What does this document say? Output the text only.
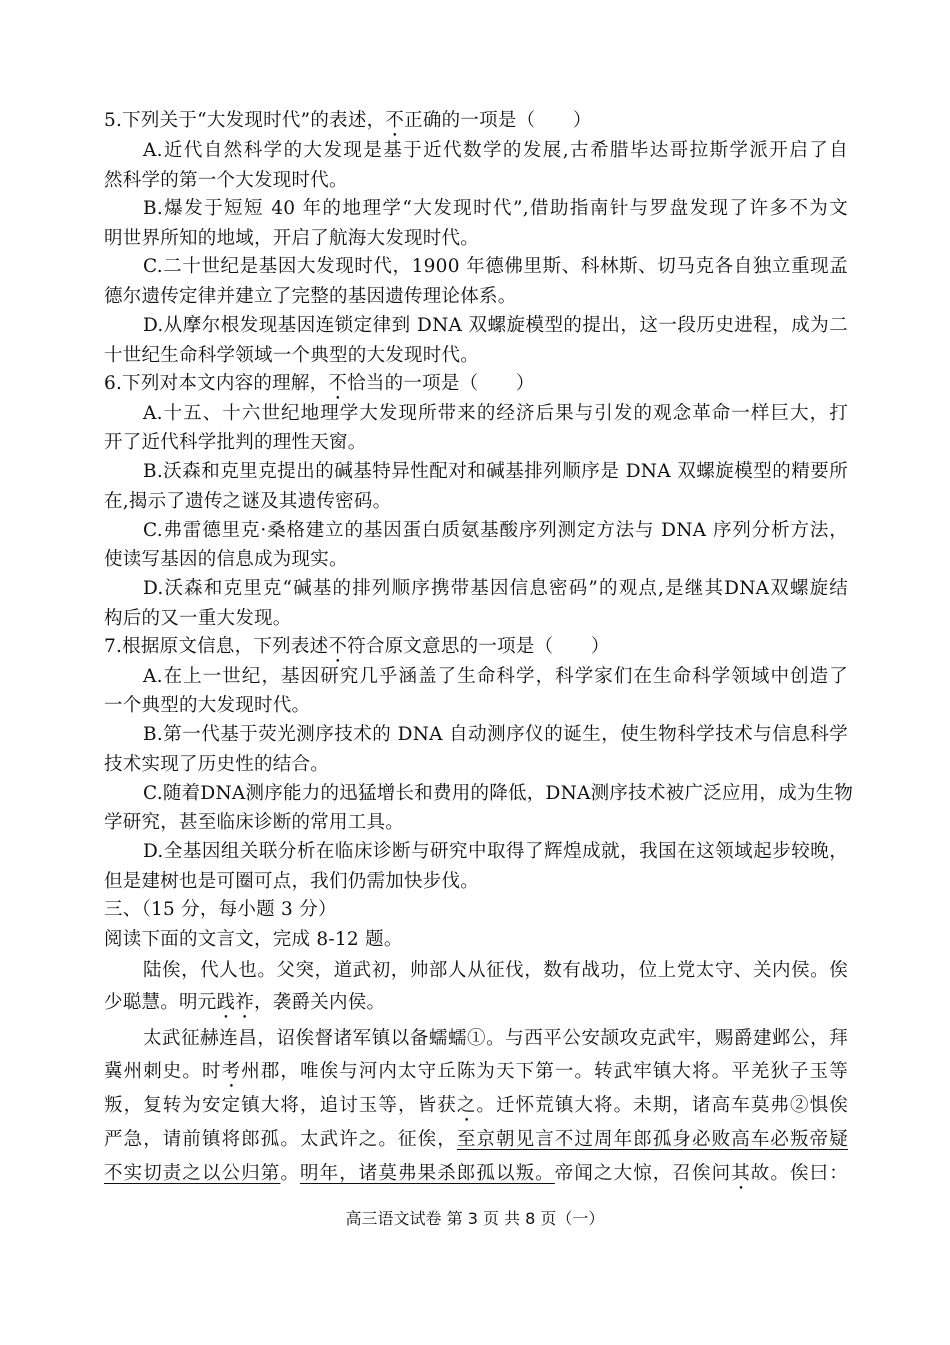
5.下列关于“大发现时代”的表述，不正确的一项是（　　）
A.近代自然科学的大发现是基于近代数学的发展,古希腊毕达哥拉斯学派开启了自
然科学的第一个大发现时代。
B.爆发于短短 40 年的地理学“大发现时代”,借助指南针与罗盘发现了许多不为文
明世界所知的地域，开启了航海大发现时代。
C.二十世纪是基因大发现时代，1900 年德佛里斯、科林斯、切马克各自独立重现孟
德尔遗传定律并建立了完整的基因遗传理论体系。
D.从摩尔根发现基因连锁定律到 DNA 双螺旋模型的提出，这一段历史进程，成为二
十世纪生命科学领域一个典型的大发现时代。
6.下列对本文内容的理解，不恰当的一项是（　　）
A.十五、十六世纪地理学大发现所带来的经济后果与引发的观念革命一样巨大，打
开了近代科学批判的理性天窗。
B.沃森和克里克提出的碱基特异性配对和碱基排列顺序是 DNA 双螺旋模型的精要所
在,揭示了遗传之谜及其遗传密码。
C.弗雷德里克·桑格建立的基因蛋白质氨基酸序列测定方法与 DNA 序列分析方法，
使读写基因的信息成为现实。
D.沃森和克里克“碱基的排列顺序携带基因信息密码”的观点,是继其DNA双螺旋结
构后的又一重大发现。
7.根据原文信息，下列表述不符合原文意思的一项是（　　）
A.在上一世纪，基因研究几乎涵盖了生命科学，科学家们在生命科学领域中创造了
一个典型的大发现时代。
B.第一代基于荧光测序技术的 DNA 自动测序仪的诞生，使生物科学技术与信息科学
技术实现了历史性的结合。
C.随着DNA测序能力的迅猛增长和费用的降低，DNA测序技术被广泛应用，成为生物
学研究，甚至临床诊断的常用工具。
D.全基因组关联分析在临床诊断与研究中取得了辉煌成就，我国在这领域起步较晚，
但是建树也是可圈可点，我们仍需加快步伐。
三、（15 分，每小题 3 分）
阅读下面的文言文，完成 8-12 题。
陆俟，代人也。父突，道武初，帅部人从征伐，数有战功，位上党太守、关内侯。俟
少聪慧。明元践祚，袭爵关内侯。
太武征赫连昌，诏俟督诸军镇以备蠕蠕①。与西平公安颉攻克武牢，赐爵建邺公，拜
冀州刺史。时考州郡，唯俟与河内太守丘陈为天下第一。转武牢镇大将。平羌狄子玉等
叛，复转为安定镇大将，追讨玉等，皆获之。迁怀荒镇大将。未期，诸高车莫弗②惧俟
严急，请前镇将郎孤。太武许之。征俟，至京朝见言不过周年郎孤身必败高车必叛帝疑
不实切责之以公归第。明年，诸莫弗果杀郎孤以叛。帝闻之大惊，召俟问其故。俟曰：
高三语文试卷 第 3 页 共 8 页（一）
